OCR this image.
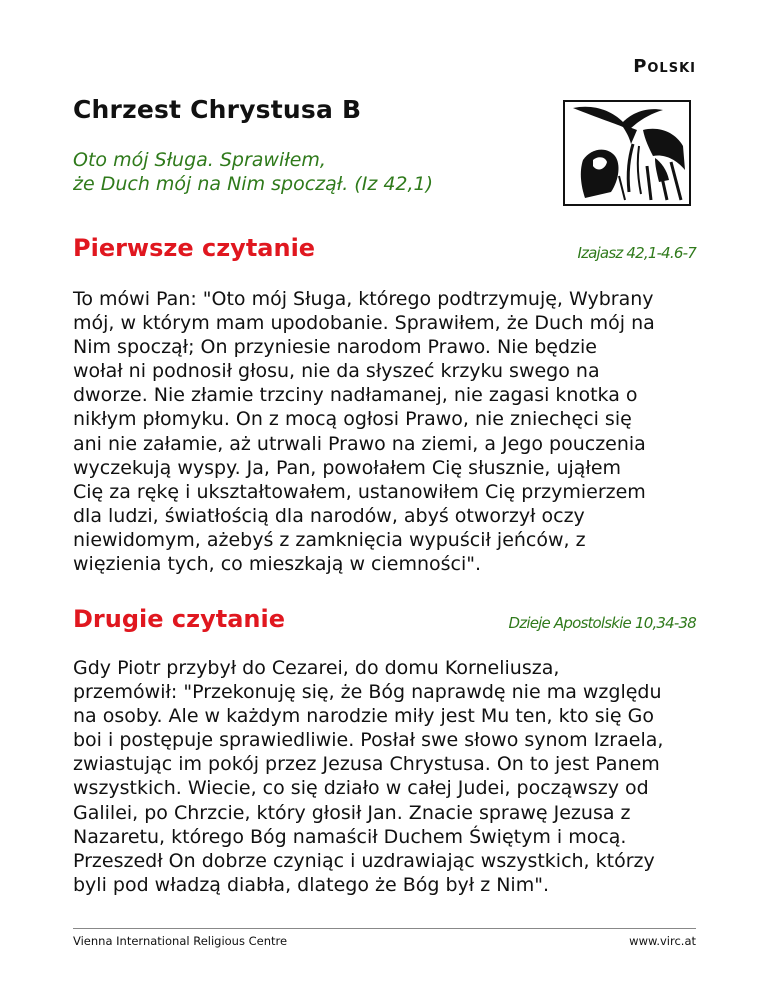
Polski
Chrzest Chrystusa B

Oto mój Sługa. Sprawiłem,
że Duch mój na Nim spoczął. (Iz 42,1)

Pierwsze czytanie	Izajasz 42,1-4.6-7

To mówi Pan: "Oto mój Sługa, którego podtrzymuję, Wybrany
mój, w którym mam upodobanie. Sprawiłem, że Duch mój na
Nim spoczął; On przyniesie narodom Prawo. Nie będzie
wołał ni podnosił głosu, nie da słyszeć krzyku swego na
dworze. Nie złamie trzciny nadłamanej, nie zagasi knotka o
nikłym płomyku. On z mocą ogłosi Prawo, nie zniechęci się
ani nie załamie, aż utrwali Prawo na ziemi, a Jego pouczenia
wyczekują wyspy. Ja, Pan, powołałem Cię słusznie, ująłem
Cię za rękę i ukształtowałem, ustanowiłem Cię przymierzem
dla ludzi, światłością dla narodów, abyś otworzył oczy
niewidomym, ażebyś z zamknięcia wypuścił jeńców, z
więzienia tych, co mieszkają w ciemności".

Drugie czytanie	Dzieje Apostolskie 10,34-38

Gdy Piotr przybył do Cezarei, do domu Korneliusza,
przemówił: "Przekonuję się, że Bóg naprawdę nie ma względu
na osoby. Ale w każdym narodzie miły jest Mu ten, kto się Go
boi i postępuje sprawiedliwie. Posłał swe słowo synom Izraela,
zwiastując im pokój przez Jezusa Chrystusa. On to jest Panem
wszystkich. Wiecie, co się działo w całej Judei, począwszy od
Galilei, po Chrzcie, który głosił Jan. Znacie sprawę Jezusa z
Nazaretu, którego Bóg namaścił Duchem Świętym i mocą.
Przeszedł On dobrze czyniąc i uzdrawiając wszystkich, którzy
byli pod władzą diabła, dlatego że Bóg był z Nim".

Vienna International Religious Centre	www.virc.at
